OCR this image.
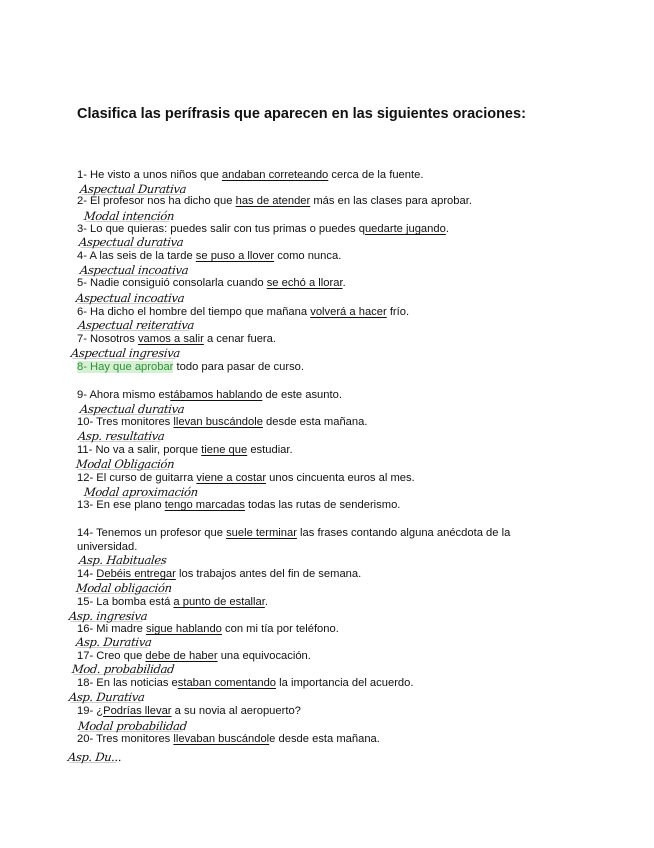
Clasifica las perífrasis que aparecen en las siguientes oraciones:
1- He visto a unos niños que andaban correteando cerca de la fuente.
Aspectual Durativa
2- El profesor nos ha dicho que has de atender más en las clases para aprobar.
Modal intención
3- Lo que quieras: puedes salir con tus primas o puedes quedarte jugando.
Aspectual durativa
4- A las seis de la tarde se puso a llover como nunca.
Aspectual incoativa
5- Nadie consiguió consolarla cuando se echó a llorar.
Aspectual incoativa
6- Ha dicho el hombre del tiempo que mañana volverá a hacer frío.
Aspectual reiterativa
7- Nosotros vamos a salir a cenar fuera.
Aspectual ingresiva
8- Hay que aprobar todo para pasar de curso.
9- Ahora mismo estábamos hablando de este asunto.
Aspectual durativa
10- Tres monitores llevan buscándole desde esta mañana.
Asp. resultativa
11- No va a salir, porque tiene que estudiar.
Modal Obligación
12- El curso de guitarra viene a costar unos cincuenta euros al mes.
Modal aproximación
13- En ese plano tengo marcadas todas las rutas de senderismo.
14- Tenemos un profesor que suele terminar las frases contando alguna anécdota de la
universidad.
Asp. Habituales
14- Debéis entregar los trabajos antes del fin de semana.
Modal obligación
15- La bomba está a punto de estallar.
Asp. ingresiva
16- Mi madre sigue hablando con mi tía por teléfono.
Asp. Durativa
17- Creo que debe de haber una equivocación.
Mod. probabilidad
18- En las noticias estaban comentando la importancia del acuerdo.
Asp. Durativa
19- ¿Podrías llevar a su novia al aeropuerto?
Modal probabilidad
20- Tres monitores llevaban buscándole desde esta mañana.
Asp. Du...
